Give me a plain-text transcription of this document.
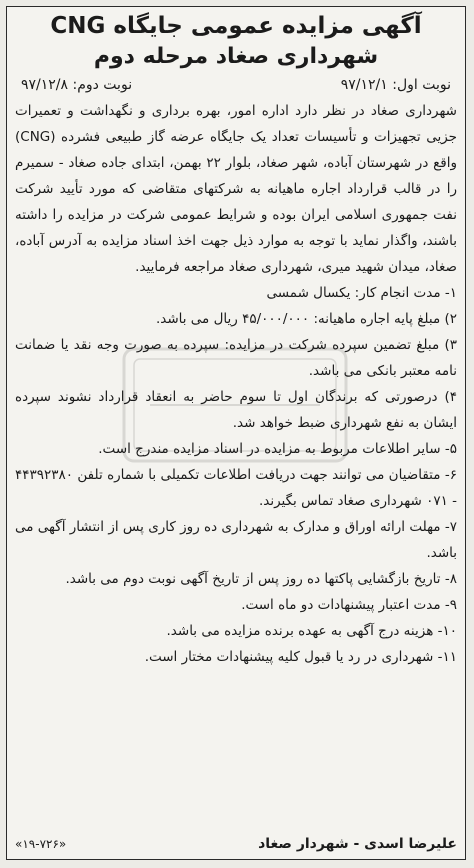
آگهی مزایده عمومی جایگاه CNG
شهرداری صغاد مرحله دوم
نوبت اول: ۹۷/۱۲/۱
نوبت دوم: ۹۷/۱۲/۸

شهرداری صغاد در نظر دارد اداره امور، بهره برداری و نگهداشت و تعمیرات جزیی تجهیزات و تأسیسات تعداد یک جایگاه عرضه گاز طبیعی فشرده (CNG) واقع در شهرستان آباده، شهر صغاد، بلوار ۲۲ بهمن، ابتدای جاده صغاد - سمیرم را در قالب قرارداد اجاره ماهیانه به شرکتهای متقاضی که مورد تأیید شرکت نفت جمهوری اسلامی ایران بوده و شرایط عمومی شرکت در مزایده را داشته باشند، واگذار نماید با توجه به موارد ذیل جهت اخذ اسناد مزایده به آدرس آباده، صغاد، میدان شهید میری، شهرداری صغاد مراجعه فرمایید.

۱- مدت انجام کار: یکسال شمسی
۲) مبلغ پایه اجاره ماهیانه: ۴۵/۰۰۰/۰۰۰ ریال می باشد.
۳) مبلغ تضمین سپرده شرکت در مزایده: سپرده به صورت وجه نقد یا ضمانت نامه معتبر بانکی می باشد.
۴) درصورتی که برندگان اول تا سوم حاضر به انعقاد قرارداد نشوند سپرده ایشان به نفع شهرداری ضبط خواهد شد.
۵- سایر اطلاعات مربوط به مزایده در اسناد مزایده مندرج است.
۶- متقاضیان می توانند جهت دریافت اطلاعات تکمیلی با شماره تلفن ۴۴۳۹۲۳۸۰ - ۰۷۱ شهرداری صغاد تماس بگیرند.
۷- مهلت ارائه اوراق و مدارک به شهرداری ده روز کاری پس از انتشار آگهی می باشد.
۸- تاریخ بازگشایی پاکتها ده روز پس از تاریخ آگهی نوبت دوم می باشد.
۹- مدت اعتبار پیشنهادات دو ماه است.
۱۰- هزینه درج آگهی به عهده برنده مزایده می باشد.
۱۱- شهرداری در رد یا قبول کلیه پیشنهادات مختار است.
علیرضا اسدی - شهردار صغاد
«۱۹-۷۲۶»
